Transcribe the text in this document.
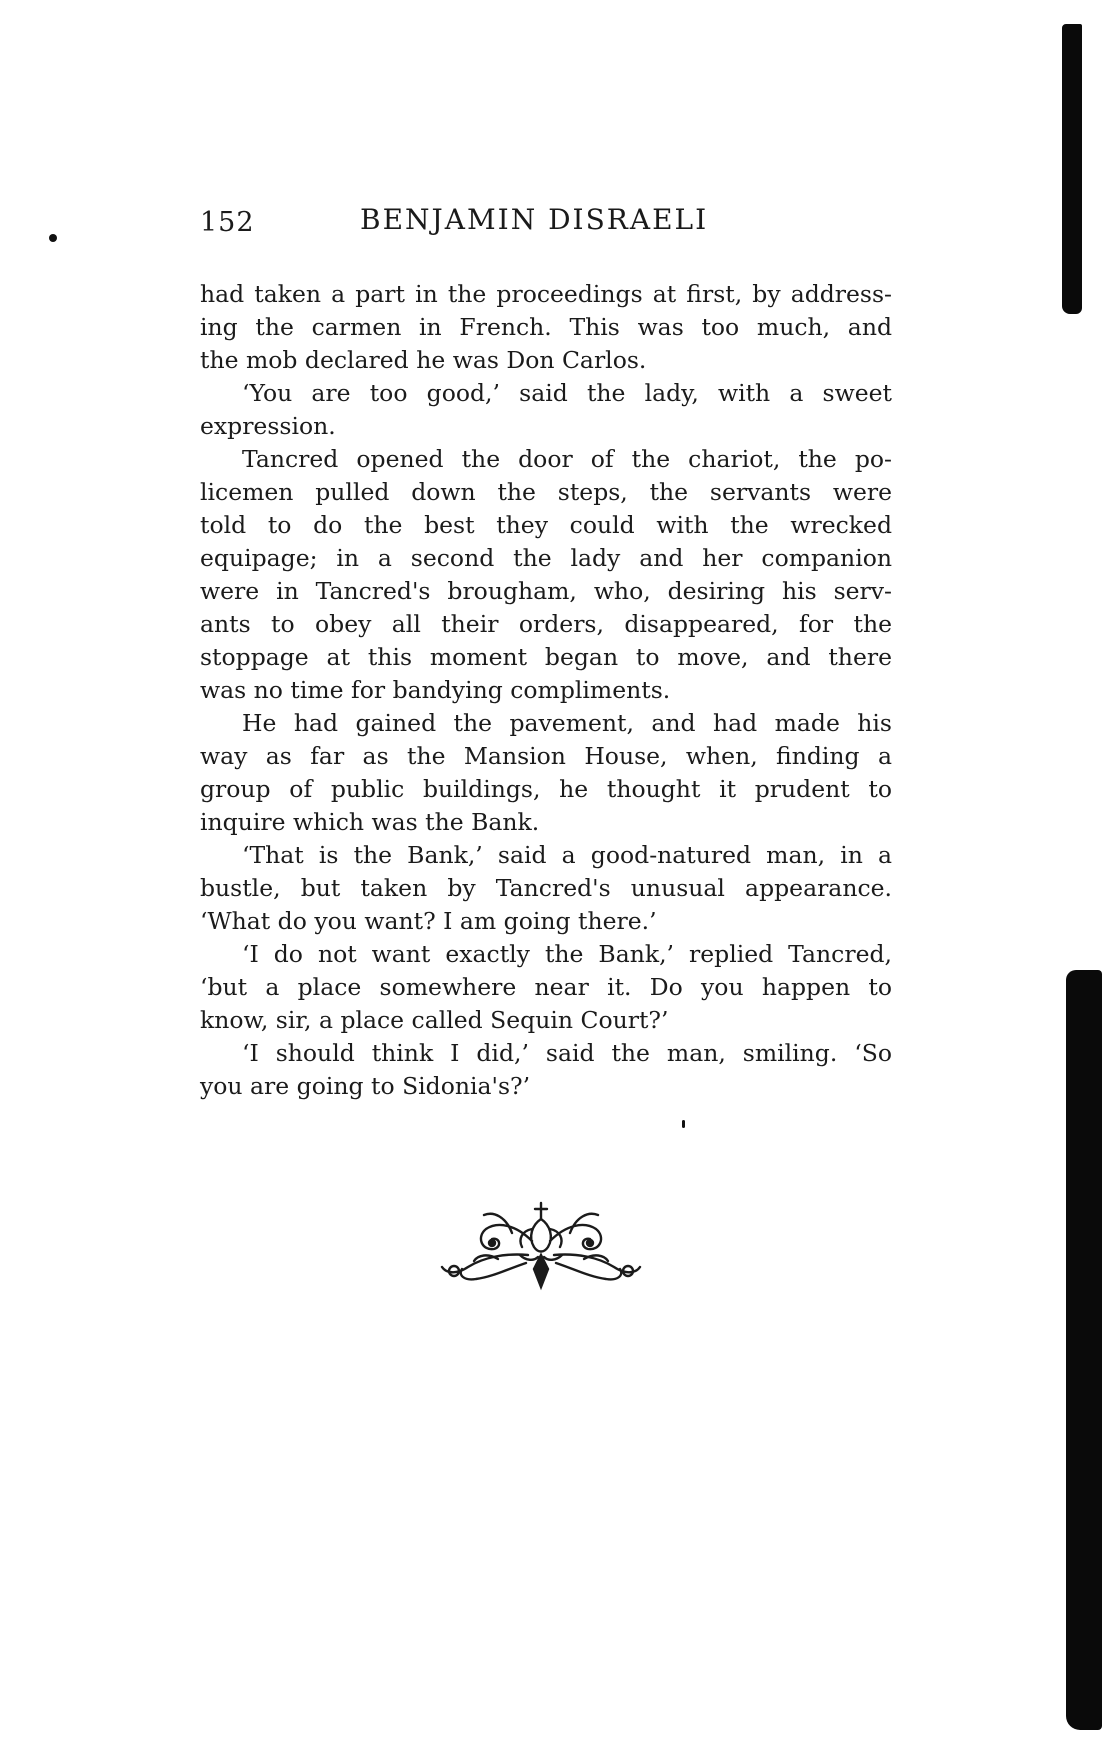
152	BENJAMIN DISRAELI
had taken a part in the proceedings at first, by address-
ing the carmen in French. This was too much, and
the mob declared he was Don Carlos.
‘You are too good,’ said the lady, with a sweet
expression.
Tancred opened the door of the chariot, the po-
licemen pulled down the steps, the servants were
told to do the best they could with the wrecked
equipage; in a second the lady and her companion
were in Tancred's brougham, who, desiring his serv-
ants to obey all their orders, disappeared, for the
stoppage at this moment began to move, and there
was no time for bandying compliments.
He had gained the pavement, and had made his
way as far as the Mansion House, when, finding a
group of public buildings, he thought it prudent to
inquire which was the Bank.
‘That is the Bank,’ said a good-natured man, in a
bustle, but taken by Tancred's unusual appearance.
‘What do you want? I am going there.’
‘I do not want exactly the Bank,’ replied Tancred,
‘but a place somewhere near it. Do you happen to
know, sir, a place called Sequin Court?’
‘I should think I did,’ said the man, smiling. ‘So
you are going to Sidonia's?’
